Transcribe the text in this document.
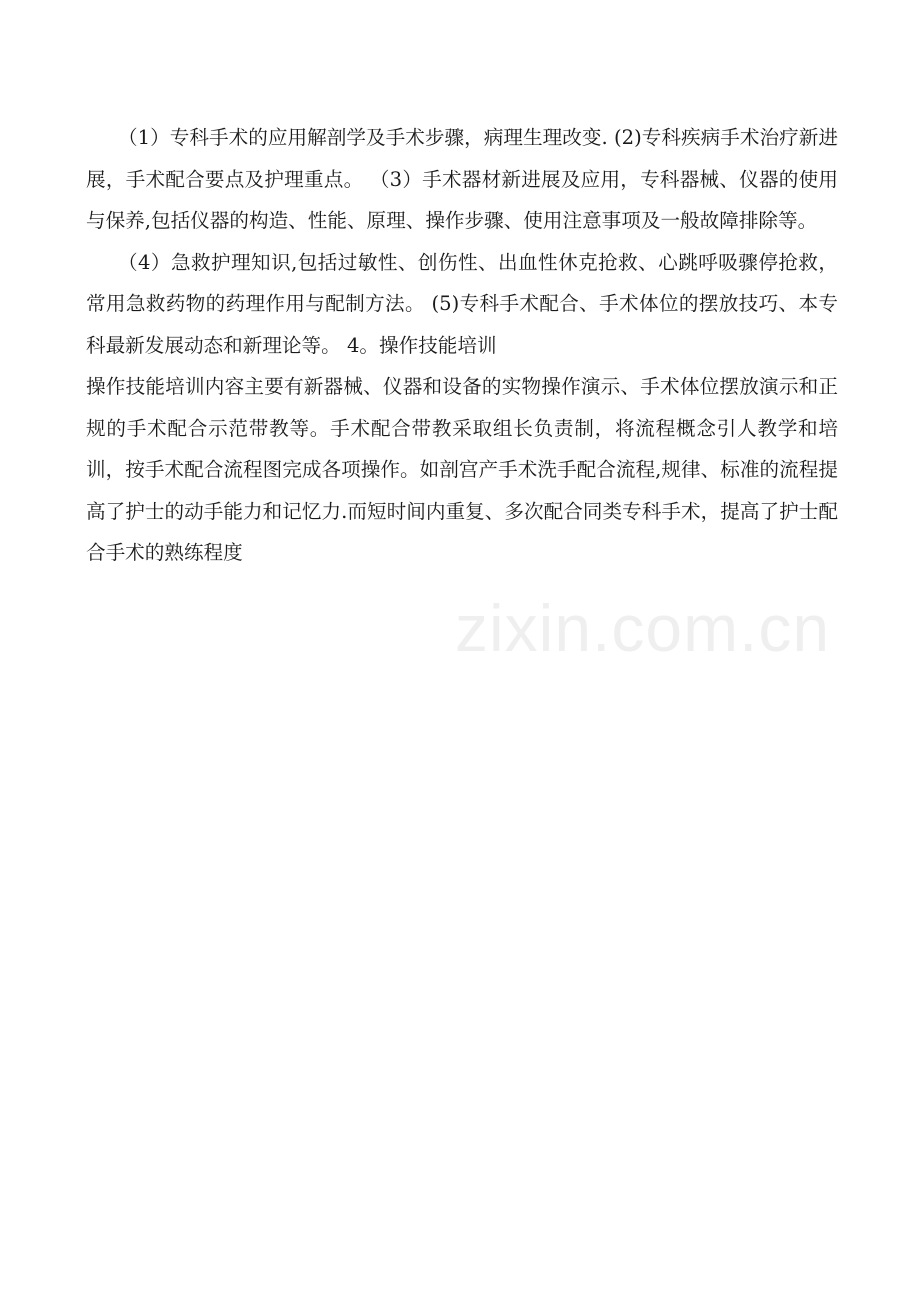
（1）专科手术的应用解剖学及手术步骤，病理生理改变. (2)专科疾病手术治疗新进展，手术配合要点及护理重点。 （3）手术器材新进展及应用，专科器械、仪器的使用与保养,包括仪器的构造、性能、原理、操作步骤、使用注意事项及一般故障排除等。

（4）急救护理知识,包括过敏性、创伤性、出血性休克抢救、心跳呼吸骤停抢救，常用急救药物的药理作用与配制方法。 (5)专科手术配合、手术体位的摆放技巧、本专科最新发展动态和新理论等。 4。操作技能培训

操作技能培训内容主要有新器械、仪器和设备的实物操作演示、手术体位摆放演示和正规的手术配合示范带教等。手术配合带教采取组长负责制，将流程概念引人教学和培训，按手术配合流程图完成各项操作。如剖宫产手术洗手配合流程,规律、标准的流程提高了护士的动手能力和记忆力.而短时间内重复、多次配合同类专科手术，提高了护士配合手术的熟练程度

zixin.com.cn
